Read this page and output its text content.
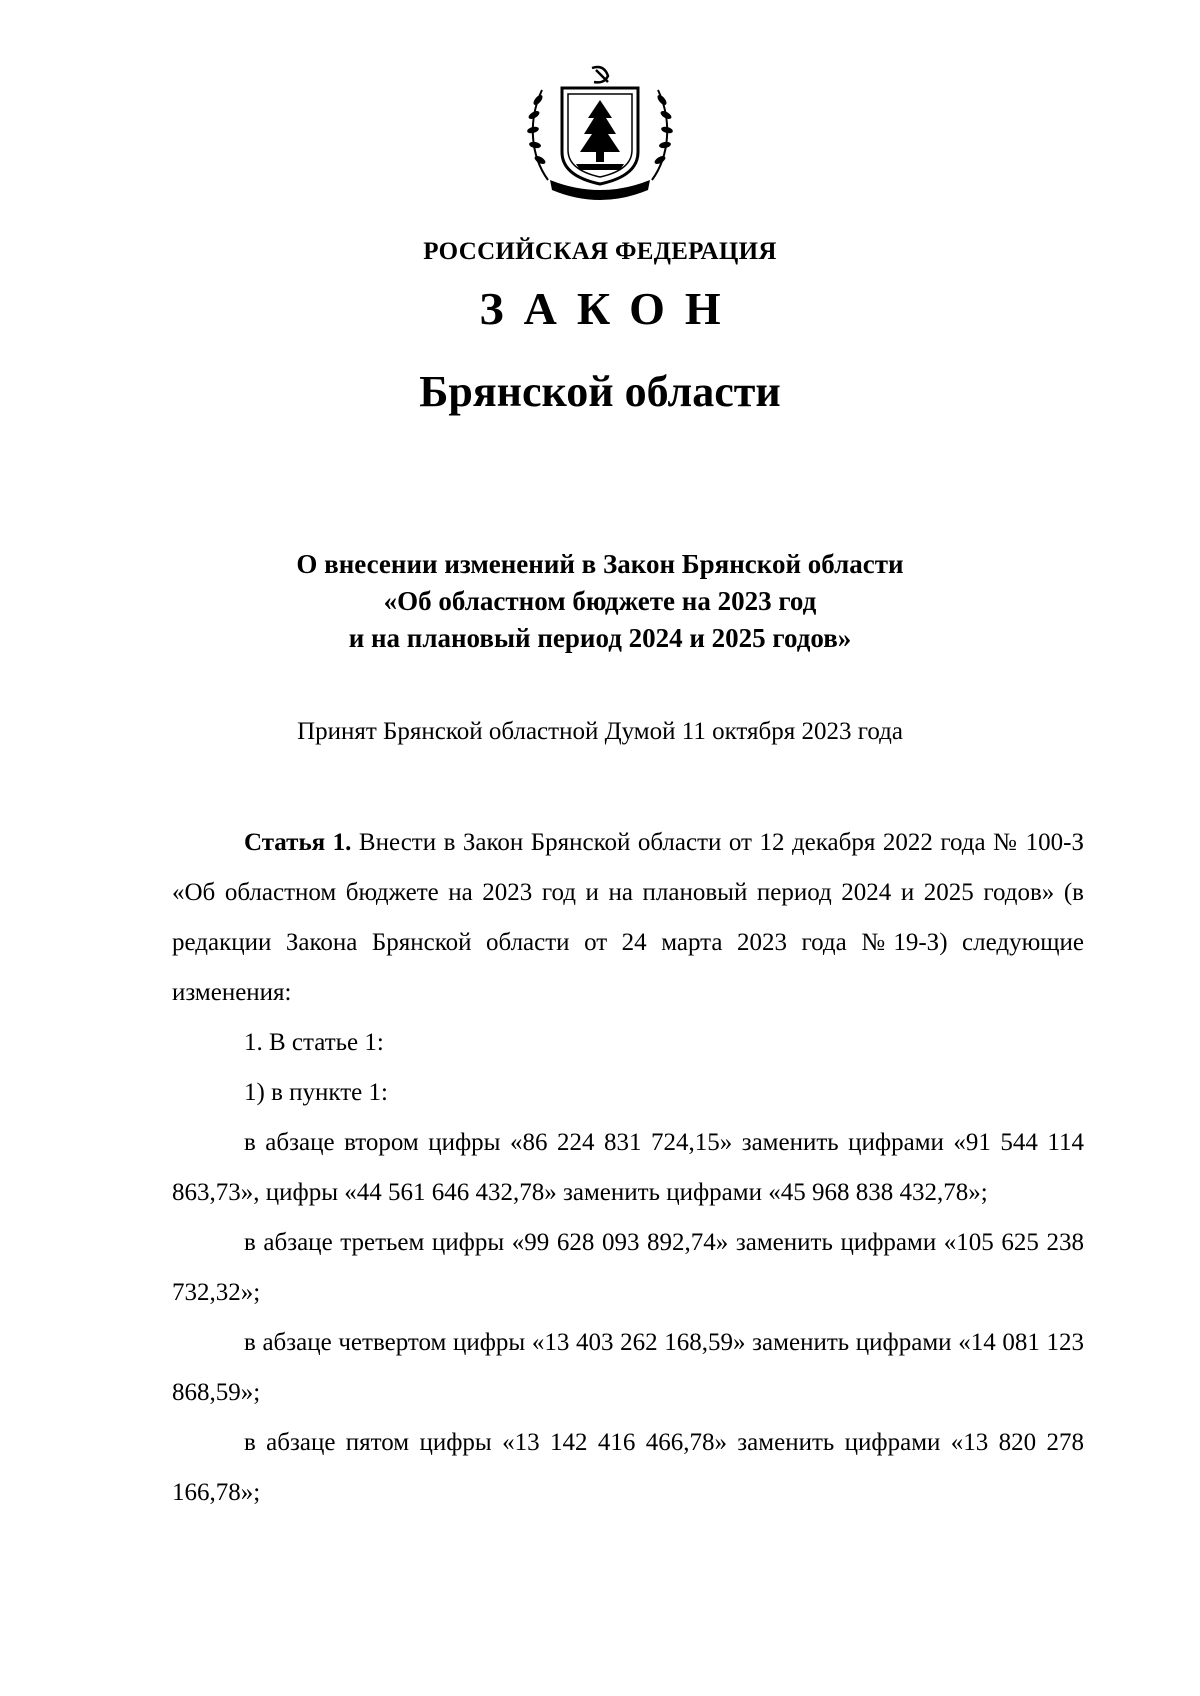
РОССИЙСКАЯ ФЕДЕРАЦИЯ
ЗАКОН
Брянской области
О внесении изменений в Закон Брянской области
«Об областном бюджете на 2023 год
и на плановый период 2024 и 2025 годов»
Принят Брянской областной Думой 11 октября 2023 года

Статья 1. Внести в Закон Брянской области от 12 декабря 2022 года № 100-З «Об областном бюджете на 2023 год и на плановый период 2024 и 2025 годов» (в редакции Закона Брянской области от 24 марта 2023 года №19-З) следующие изменения:

1. В статье 1:

1) в пункте 1:

в абзаце втором цифры «86 224 831 724,15» заменить цифрами «91 544 114 863,73», цифры «44 561 646 432,78» заменить цифрами «45 968 838 432,78»;

в абзаце третьем цифры «99 628 093 892,74» заменить цифрами «105 625 238 732,32»;

в абзаце четвертом цифры «13 403 262 168,59» заменить цифрами «14 081 123 868,59»;

в абзаце пятом цифры «13 142 416 466,78» заменить цифрами «13 820 278 166,78»;
